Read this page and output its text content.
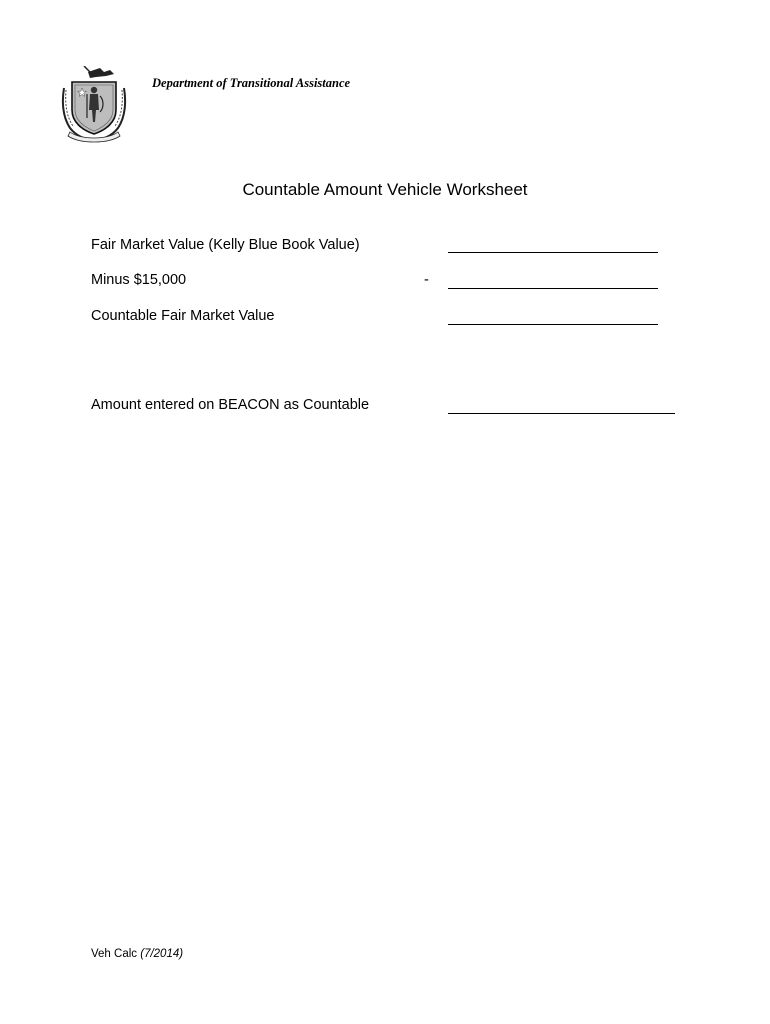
Department of Transitional Assistance
Countable Amount Vehicle Worksheet
Fair Market Value (Kelly Blue Book Value)
Minus $15,000	-
Countable Fair Market Value
Amount entered on BEACON as Countable
Veh Calc (7/2014)
